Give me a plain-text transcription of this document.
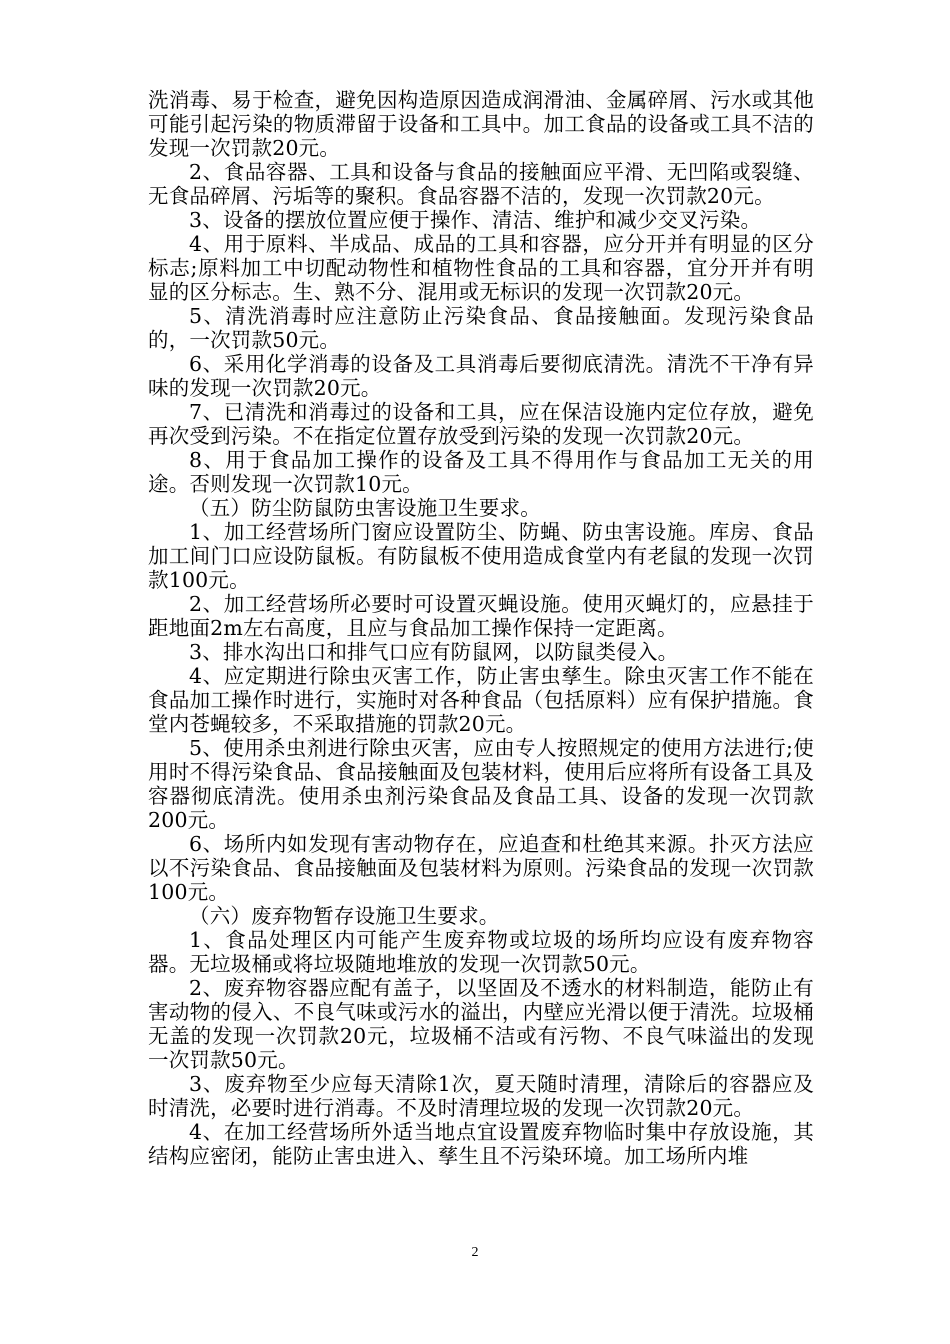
洗消毒、易于检查，避免因构造原因造成润滑油、金属碎屑、污水或其他可能引起污染的物质滞留于设备和工具中。加工食品的设备或工具不洁的发现一次罚款20元。

2、食品容器、工具和设备与食品的接触面应平滑、无凹陷或裂缝、无食品碎屑、污垢等的聚积。食品容器不洁的，发现一次罚款20元。

3、设备的摆放位置应便于操作、清洁、维护和减少交叉污染。

4、用于原料、半成品、成品的工具和容器，应分开并有明显的区分标志;原料加工中切配动物性和植物性食品的工具和容器，宜分开并有明显的区分标志。生、熟不分、混用或无标识的发现一次罚款20元。

5、清洗消毒时应注意防止污染食品、食品接触面。发现污染食品的，一次罚款50元。

6、采用化学消毒的设备及工具消毒后要彻底清洗。清洗不干净有异味的发现一次罚款20元。

7、已清洗和消毒过的设备和工具，应在保洁设施内定位存放，避免再次受到污染。不在指定位置存放受到污染的发现一次罚款20元。

8、用于食品加工操作的设备及工具不得用作与食品加工无关的用途。否则发现一次罚款10元。

（五）防尘防鼠防虫害设施卫生要求。

1、加工经营场所门窗应设置防尘、防蝇、防虫害设施。库房、食品加工间门口应设防鼠板。有防鼠板不使用造成食堂内有老鼠的发现一次罚款100元。

2、加工经营场所必要时可设置灭蝇设施。使用灭蝇灯的，应悬挂于距地面2m左右高度，且应与食品加工操作保持一定距离。

3、排水沟出口和排气口应有防鼠网，以防鼠类侵入。

4、应定期进行除虫灭害工作，防止害虫孳生。除虫灭害工作不能在食品加工操作时进行，实施时对各种食品（包括原料）应有保护措施。食堂内苍蝇较多，不采取措施的罚款20元。

5、使用杀虫剂进行除虫灭害，应由专人按照规定的使用方法进行;使用时不得污染食品、食品接触面及包装材料，使用后应将所有设备工具及容器彻底清洗。使用杀虫剂污染食品及食品工具、设备的发现一次罚款200元。

6、场所内如发现有害动物存在，应追查和杜绝其来源。扑灭方法应以不污染食品、食品接触面及包装材料为原则。污染食品的发现一次罚款100元。

（六）废弃物暂存设施卫生要求。

1、食品处理区内可能产生废弃物或垃圾的场所均应设有废弃物容器。无垃圾桶或将垃圾随地堆放的发现一次罚款50元。

2、废弃物容器应配有盖子，以坚固及不透水的材料制造，能防止有害动物的侵入、不良气味或污水的溢出，内壁应光滑以便于清洗。垃圾桶无盖的发现一次罚款20元，垃圾桶不洁或有污物、不良气味溢出的发现一次罚款50元。

3、废弃物至少应每天清除1次，夏天随时清理，清除后的容器应及时清洗，必要时进行消毒。不及时清理垃圾的发现一次罚款20元。

4、在加工经营场所外适当地点宜设置废弃物临时集中存放设施，其结构应密闭，能防止害虫进入、孳生且不污染环境。加工场所内堆

2
